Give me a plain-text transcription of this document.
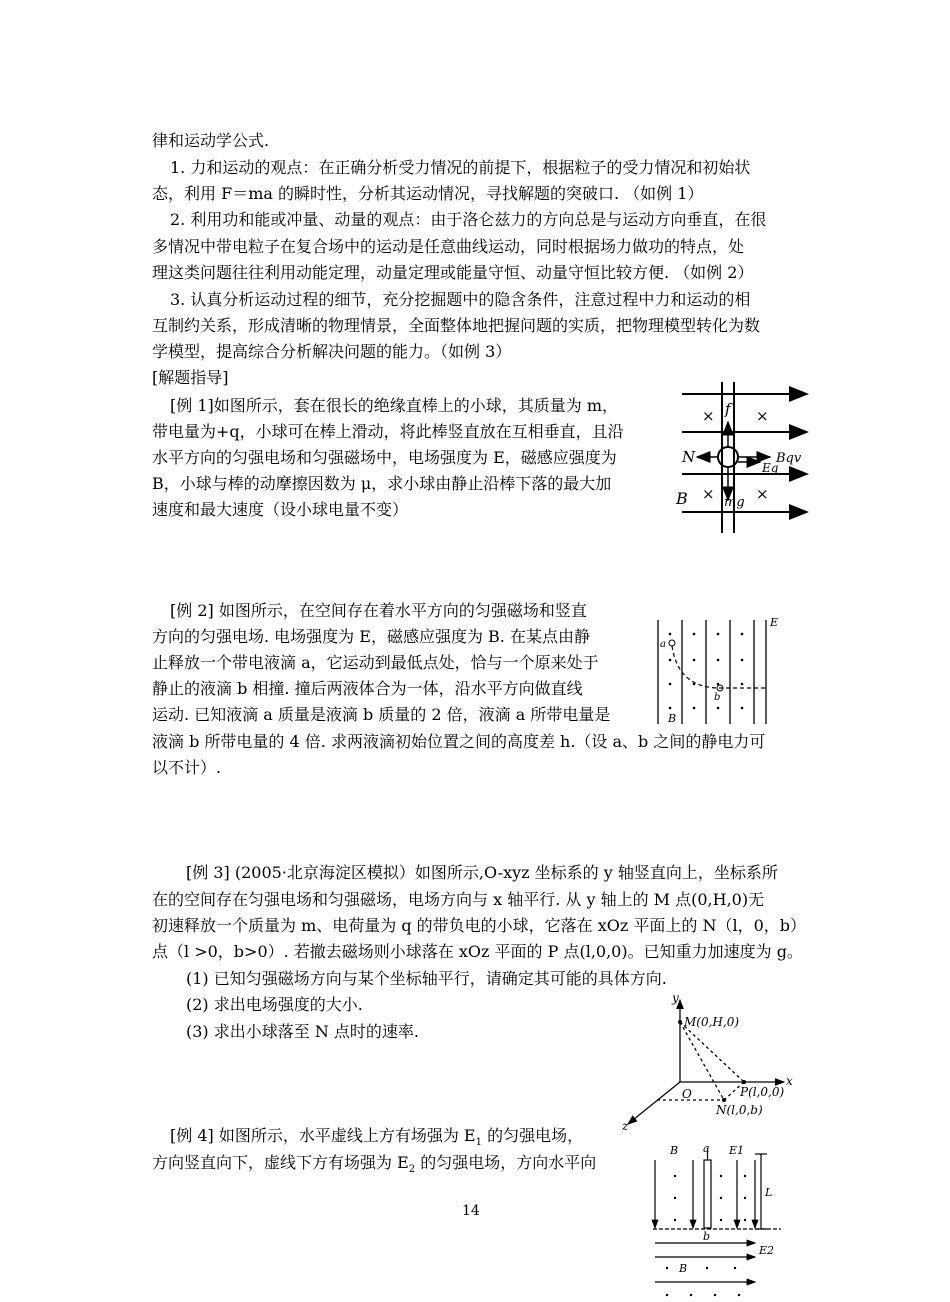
律和运动学公式.

1. 力和运动的观点：在正确分析受力情况的前提下，根据粒子的受力情况和初始状

态，利用 F＝ma 的瞬时性，分析其运动情况，寻找解题的突破口. （如例 1）

2. 利用功和能或冲量、动量的观点：由于洛仑兹力的方向总是与运动方向垂直，在很

多情况中带电粒子在复合场中的运动是任意曲线运动，同时根据场力做功的特点，处

理这类问题往往利用动能定理，动量定理或能量守恒、动量守恒比较方便. （如例 2）

3. 认真分析运动过程的细节，充分挖掘题中的隐含条件，注意过程中力和运动的相

互制约关系，形成清晰的物理情景，全面整体地把握问题的实质，把物理模型转化为数

学模型，提高综合分析解决问题的能力。（如例 3）

[解题指导]

[例 1]如图所示，套在很长的绝缘直棒上的小球，其质量为 m，

带电量为+q，小球可在棒上滑动，将此棒竖直放在互相垂直，且沿

水平方向的匀强电场和匀强磁场中，电场强度为 E，磁感应强度为

B，小球与棒的动摩擦因数为 μ，求小球由静止沿棒下落的最大加

速度和最大速度（设小球电量不变）

×	×
×	×
f
N	Bqv
Eq
mg
B

[例 2] 如图所示，在空间存在着水平方向的匀强磁场和竖直

方向的匀强电场. 电场强度为 E，磁感应强度为 B. 在某点由静

止释放一个带电液滴 a，它运动到最低点处，恰与一个原来处于

静止的液滴 b 相撞. 撞后两液体合为一体，沿水平方向做直线

运动. 已知液滴 a 质量是液滴 b 质量的 2 倍，液滴 a 所带电量是

液滴 b 所带电量的 4 倍. 求两液滴初始位置之间的高度差 h.（设 a、b 之间的静电力可

以不计）.

E
a
b
B

[例 3] (2005·北京海淀区模拟）如图所示,O-xyz 坐标系的 y 轴竖直向上，坐标系所

在的空间存在匀强电场和匀强磁场，电场方向与 x 轴平行. 从 y 轴上的 M 点(0,H,0)无

初速释放一个质量为 m、电荷量为 q 的带负电的小球，它落在 xOz 平面上的 N（l，0，b）

点（l >0，b>0）. 若撤去磁场则小球落在 xOz 平面的 P 点(l,0,0)。已知重力加速度为 g。

(1) 已知匀强磁场方向与某个坐标轴平行，请确定其可能的具体方向.

(2) 求出电场强度的大小.

(3) 求出小球落至 N 点时的速率.

y
x
z
O
M(0,H,0)
P(l,0,0)
N(l,0,b)

[例 4] 如图所示，水平虚线上方有场强为 $E_1$ 的匀强电场，

方向竖直向下，虚线下方有场强为 $E_2$ 的匀强电场，方向水平向

B a E1
L
b
E2
B
14
